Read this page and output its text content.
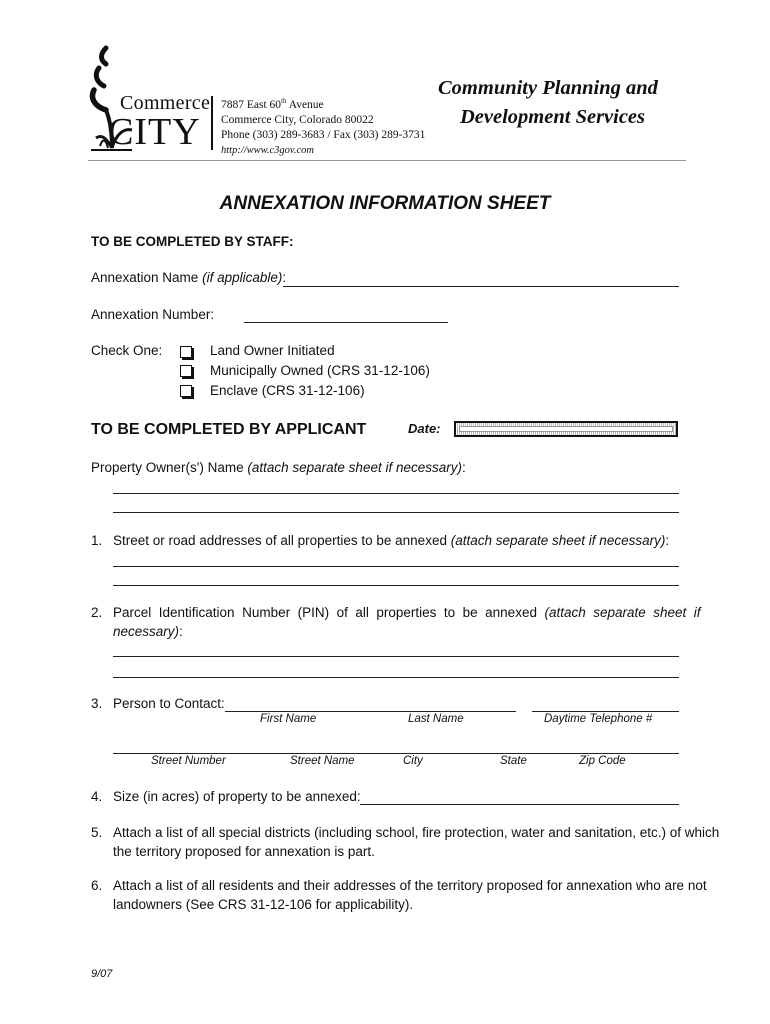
Commerce
CITY
7887 East 60th Avenue
Commerce City, Colorado 80022
Phone (303) 289-3683 / Fax (303) 289-3731
http://www.c3gov.com
Community Planning and
Development Services
ANNEXATION INFORMATION SHEET
TO BE COMPLETED BY STAFF:
Annexation Name (if applicable):
Annexation Number:
Check One:	Land Owner Initiated
Municipally Owned (CRS 31-12-106)
Enclave (CRS 31-12-106)
TO BE COMPLETED BY APPLICANT	Date:
Property Owner(s') Name (attach separate sheet if necessary):
1. Street or road addresses of all properties to be annexed (attach separate sheet if necessary):
2. Parcel  Identification  Number  (PIN)  of  all  properties  to  be  annexed  (attach  separate  sheet  if
necessary):
3. Person to Contact:
First Name	Last Name	Daytime Telephone #
Street Number	Street Name	City	State	Zip Code
4. Size (in acres) of property to be annexed:
5. Attach a list of all special districts (including school, fire protection, water and sanitation, etc.) of which
the territory proposed for annexation is part.
6. Attach a list of all residents and their addresses of the territory proposed for annexation who are not
landowners (See CRS 31-12-106 for applicability).
9/07
